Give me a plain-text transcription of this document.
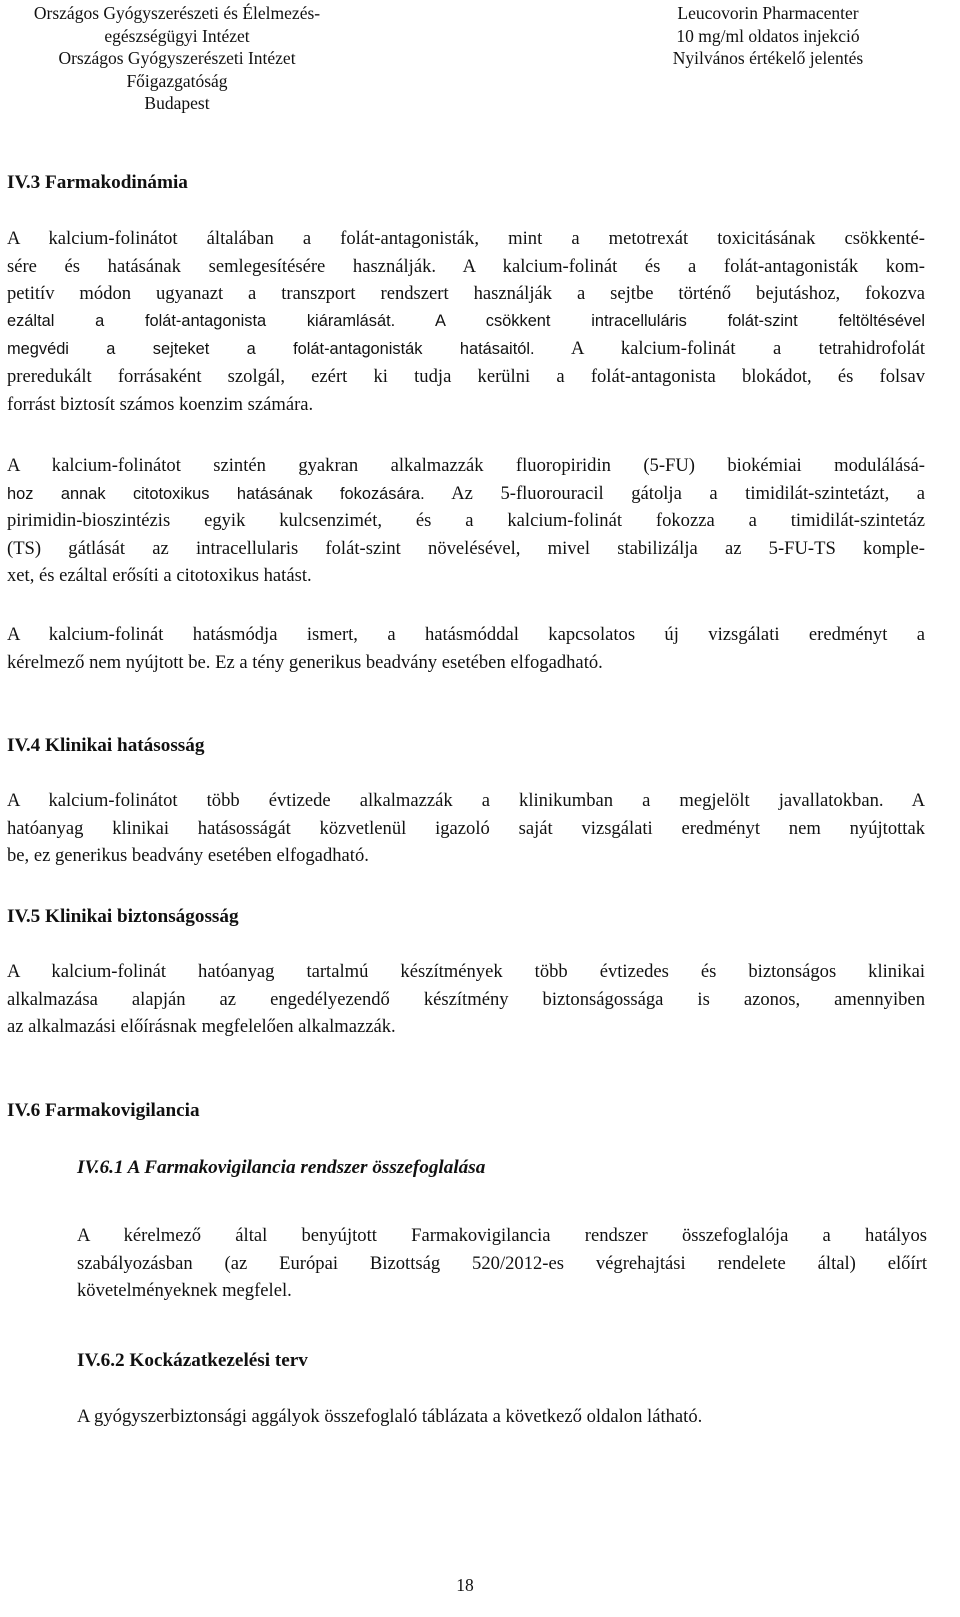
Országos Gyógyszerészeti és Élelmezés-
egészségügyi Intézet
Országos Gyógyszerészeti Intézet
Főigazgatóság
Budapest
Leucovorin Pharmacenter
10 mg/ml oldatos injekció
Nyilvános értékelő jelentés
IV.3 Farmakodinámia
A kalcium-folinátot általában a folát-antagonisták, mint a metotrexát toxicitásának csökkenté-
sére és hatásának semlegesítésére használják. A kalcium-folinát és a folát-antagonisták kom-
petitív módon ugyanazt a transzport rendszert használják a sejtbe történő bejutáshoz, fokozva
ezáltal a folát-antagonista kiáramlását. A csökkent intracelluláris folát-szint feltöltésével
megvédi a sejteket a folát-antagonisták hatásaitól. A kalcium-folinát a tetrahidrofolát
preredukált forrásaként szolgál, ezért ki tudja kerülni a folát-antagonista blokádot, és folsav
forrást biztosít számos koenzim számára.
A kalcium-folinátot szintén gyakran alkalmazzák fluoropiridin (5-FU) biokémiai modulálásá-
hoz annak citotoxikus hatásának fokozására. Az 5-fluorouracil gátolja a timidilát-szintetázt, a
pirimidin-bioszintézis egyik kulcsenzimét, és a kalcium-folinát fokozza a timidilát-szintetáz
(TS) gátlását az intracellularis folát-szint növelésével, mivel stabilizálja az 5-FU-TS komple-
xet, és ezáltal erősíti a citotoxikus hatást.
A kalcium-folinát hatásmódja ismert, a hatásmóddal kapcsolatos új vizsgálati eredményt a
kérelmező nem nyújtott be. Ez a tény generikus beadvány esetében elfogadható.
IV.4 Klinikai hatásosság
A kalcium-folinátot több évtizede alkalmazzák a klinikumban a megjelölt javallatokban. A
hatóanyag klinikai hatásosságát közvetlenül igazoló saját vizsgálati eredményt nem nyújtottak
be, ez generikus beadvány esetében elfogadható.
IV.5 Klinikai biztonságosság
A kalcium-folinát hatóanyag tartalmú készítmények több évtizedes és biztonságos klinikai
alkalmazása alapján az engedélyezendő készítmény biztonságossága is azonos, amennyiben
az alkalmazási előírásnak megfelelően alkalmazzák.
IV.6 Farmakovigilancia
IV.6.1 A Farmakovigilancia rendszer összefoglalása
A kérelmező által benyújtott Farmakovigilancia rendszer összefoglalója a hatályos
szabályozásban (az Európai Bizottság 520/2012-es végrehajtási rendelete által) előírt
követelményeknek megfelel.
IV.6.2 Kockázatkezelési terv
A gyógyszerbiztonsági aggályok összefoglaló táblázata a következő oldalon látható.
18
